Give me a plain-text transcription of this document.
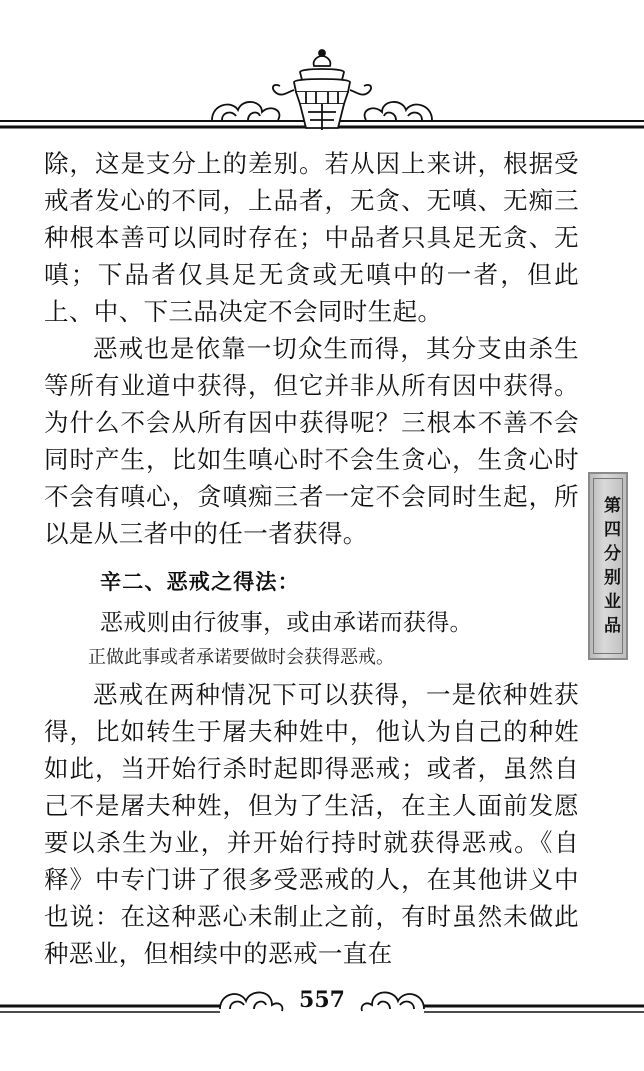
除，这是支分上的差别。若从因上来讲，根据受戒者发心的不同，上品者，无贪、无嗔、无痴三种根本善可以同时存在；中品者只具足无贪、无嗔；下品者仅具足无贪或无嗔中的一者，但此上、中、下三品决定不会同时生起。

恶戒也是依靠一切众生而得，其分支由杀生等所有业道中获得，但它并非从所有因中获得。为什么不会从所有因中获得呢？三根本不善不会同时产生，比如生嗔心时不会生贪心，生贪心时不会有嗔心，贪嗔痴三者一定不会同时生起，所以是从三者中的任一者获得。

辛二、恶戒之得法：
恶戒则由行彼事，或由承诺而获得。
正做此事或者承诺要做时会获得恶戒。

恶戒在两种情况下可以获得，一是依种姓获得，比如转生于屠夫种姓中，他认为自己的种姓如此，当开始行杀时起即得恶戒；或者，虽然自己不是屠夫种姓，但为了生活，在主人面前发愿要以杀生为业，并开始行持时就获得恶戒。《自释》中专门讲了很多受恶戒的人，在其他讲义中也说：在这种恶心未制止之前，有时虽然未做此种恶业，但相续中的恶戒一直在

第四分别业品
557
